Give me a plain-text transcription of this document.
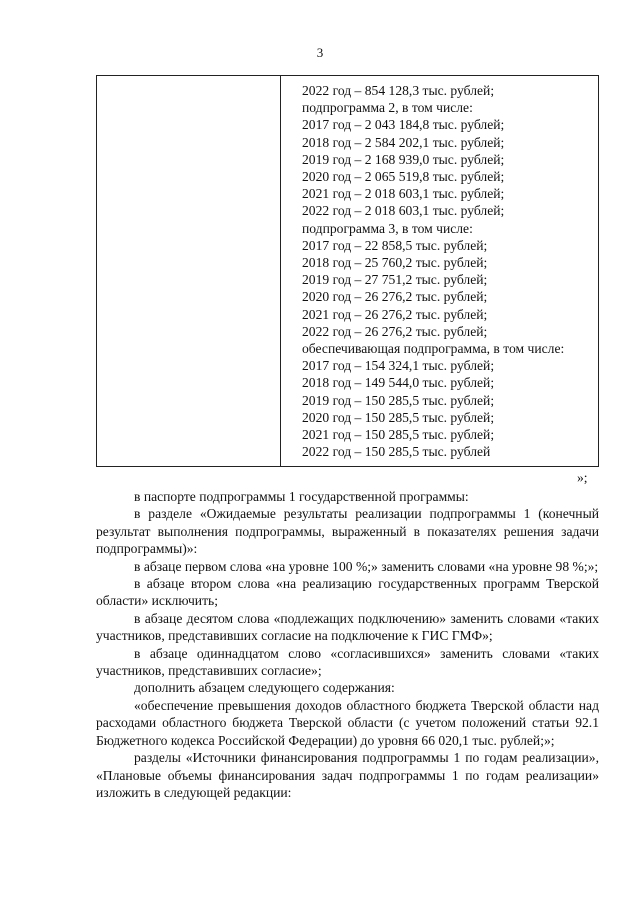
3
2022 год – 854 128,3 тыс. рублей;
подпрограмма 2, в том числе:
2017 год – 2 043 184,8 тыс. рублей;
2018 год – 2 584 202,1 тыс. рублей;
2019 год – 2 168 939,0 тыс. рублей;
2020 год – 2 065 519,8 тыс. рублей;
2021 год – 2 018 603,1 тыс. рублей;
2022 год – 2 018 603,1 тыс. рублей;
подпрограмма 3, в том числе:
2017 год – 22 858,5 тыс. рублей;
2018 год – 25 760,2 тыс. рублей;
2019 год – 27 751,2 тыс. рублей;
2020 год – 26 276,2 тыс. рублей;
2021 год – 26 276,2 тыс. рублей;
2022 год – 26 276,2 тыс. рублей;
обеспечивающая подпрограмма, в том числе:
2017 год – 154 324,1 тыс. рублей;
2018 год – 149 544,0 тыс. рублей;
2019 год – 150 285,5 тыс. рублей;
2020 год – 150 285,5 тыс. рублей;
2021 год – 150 285,5 тыс. рублей;
2022 год – 150 285,5 тыс. рублей
»;

в паспорте подпрограммы 1 государственной программы:

в разделе «Ожидаемые результаты реализации подпрограммы 1 (конечный результат выполнения подпрограммы, выраженный в показателях решения задачи подпрограммы)»:

в абзаце первом слова «на уровне 100 %;» заменить словами «на уровне 98 %;»;

в абзаце втором слова «на реализацию государственных программ Тверской области» исключить;

в абзаце десятом слова «подлежащих подключению» заменить словами «таких участников, представивших согласие на подключение к ГИС ГМФ»;

в абзаце одиннадцатом слово «согласившихся» заменить словами «таких участников, представивших согласие»;

дополнить абзацем следующего содержания:

«обеспечение превышения доходов областного бюджета Тверской области над расходами областного бюджета Тверской области (с учетом положений статьи 92.1 Бюджетного кодекса Российской Федерации) до уровня 66 020,1 тыс. рублей;»;

разделы «Источники финансирования подпрограммы 1 по годам реализации», «Плановые объемы финансирования задач подпрограммы 1 по годам реализации» изложить в следующей редакции:
